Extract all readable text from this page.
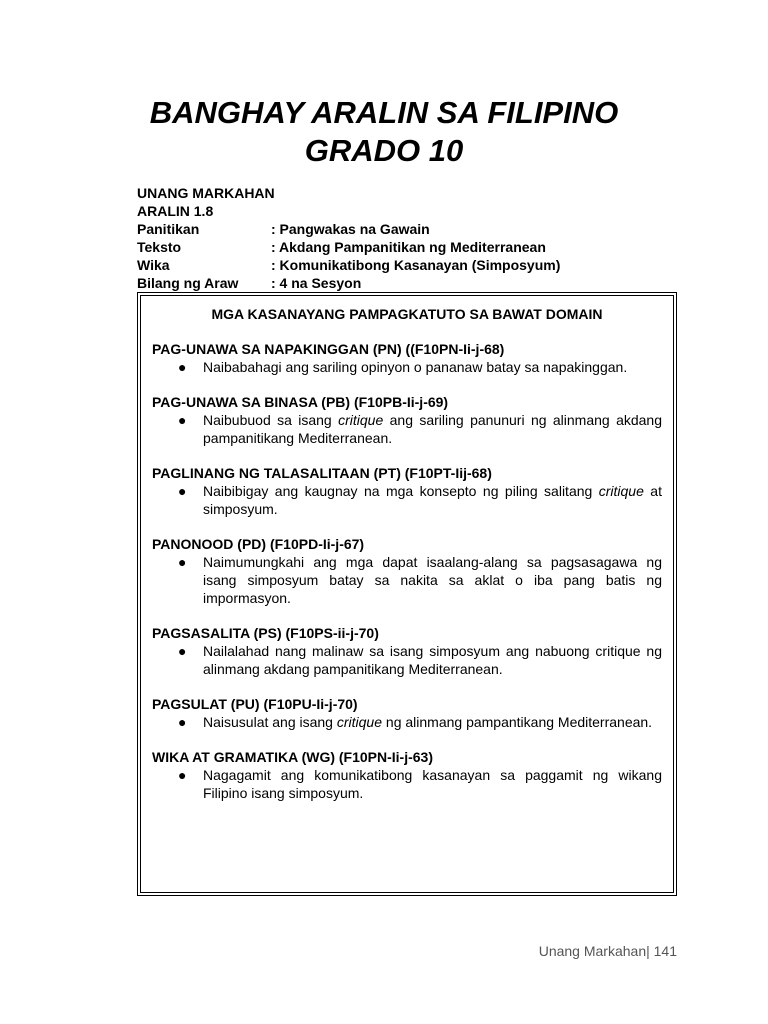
BANGHAY ARALIN SA FILIPINO
GRADO 10
UNANG MARKAHAN
ARALIN 1.8
Panitikan	: Pangwakas na Gawain
Teksto	: Akdang Pampanitikan ng Mediterranean
Wika	: Komunikatibong Kasanayan (Simposyum)
Bilang ng Araw : 4 na Sesyon
MGA KASANAYANG PAMPAGKATUTO SA BAWAT DOMAIN
PAG-UNAWA SA NAPAKINGGAN (PN) ((F10PN-Ii-j-68)
● Naibabahagi ang sariling opinyon o pananaw batay sa napakinggan.
PAG-UNAWA SA BINASA (PB) (F10PB-Ii-j-69)
● Naibubuod sa isang critique ang sariling panunuri ng alinmang akdang pampanitikang Mediterranean.
PAGLINANG NG TALASALITAAN (PT) (F10PT-Iij-68)
● Naibibigay ang kaugnay na mga konsepto ng piling salitang critique at simposyum.
PANONOOD (PD) (F10PD-Ii-j-67)
● Naimumungkahi ang mga dapat isaalang-alang sa pagsasagawa ng isang simposyum batay sa nakita sa aklat o iba pang batis ng impormasyon.
PAGSASALITA (PS) (F10PS-ii-j-70)
● Nailalahad nang malinaw sa isang simposyum ang nabuong critique ng alinmang akdang pampanitikang Mediterranean.
PAGSULAT (PU) (F10PU-Ii-j-70)
● Naisusulat ang isang critique ng alinmang pampantikang Mediterranean.
WIKA AT GRAMATIKA (WG) (F10PN-Ii-j-63)
● Nagagamit ang komunikatibong kasanayan sa paggamit ng wikang Filipino isang simposyum.
Unang Markahan| 141
